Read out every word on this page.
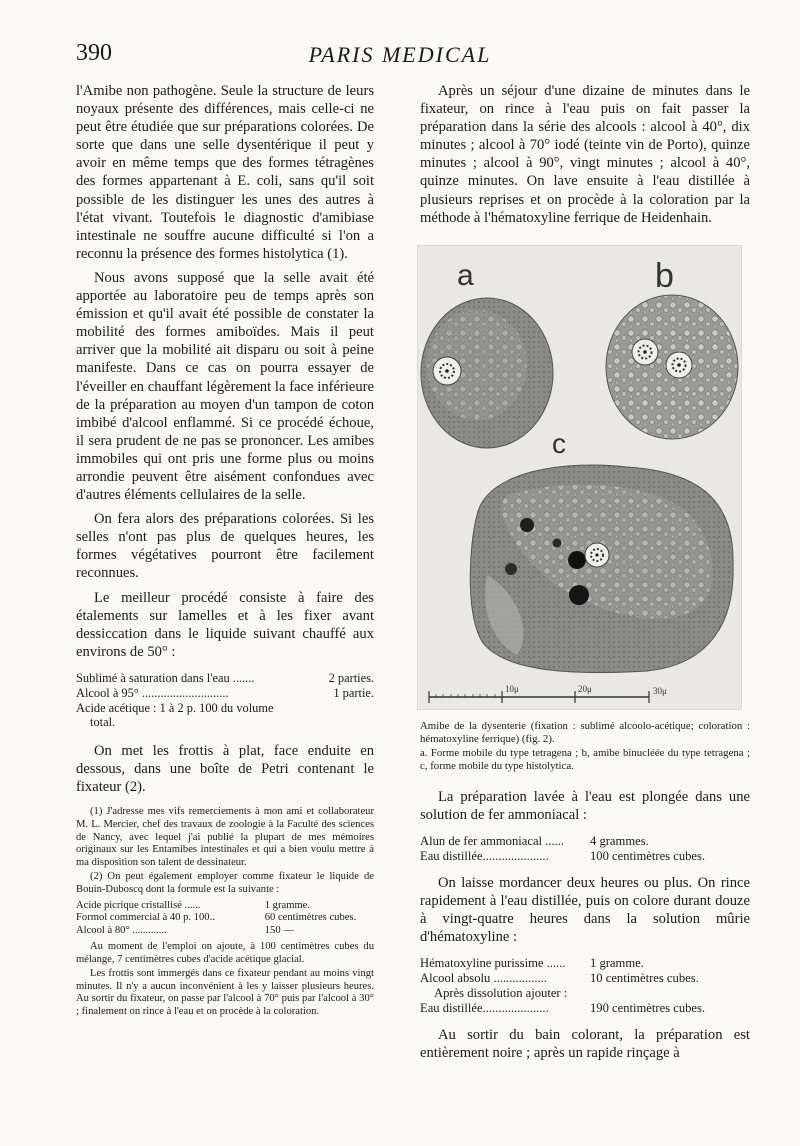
390	PARIS MEDICAL

l'Amibe non pathogène. Seule la structure de leurs noyaux présente des différences, mais celle-ci ne peut être étudiée que sur préparations colorées. De sorte que dans une selle dysentérique il peut y avoir en même temps que des formes tétragènes des formes appartenant à E. coli, sans qu'il soit possible de les distinguer les unes des autres à l'état vivant. Toutefois le diagnostic d'amibiase intestinale ne souffre aucune difficulté si l'on a reconnu la présence des formes histolytica (1).

Nous avons supposé que la selle avait été apportée au laboratoire peu de temps après son émission et qu'il avait été possible de constater la mobilité des formes amiboïdes. Mais il peut arriver que la mobilité ait disparu ou soit à peine manifeste. Dans ce cas on pourra essayer de l'éveiller en chauffant légèrement la face inférieure de la préparation au moyen d'un tampon de coton imbibé d'alcool enflammé. Si ce procédé échoue, il sera prudent de ne pas se prononcer. Les amibes immobiles qui ont pris une forme plus ou moins arrondie peuvent être aisément confondues avec d'autres éléments cellulaires de la selle.

On fera alors des préparations colorées. Si les selles n'ont pas plus de quelques heures, les formes végétatives pourront être facilement reconnues.

Le meilleur procédé consiste à faire des étalements sur lamelles et à les fixer avant dessiccation dans le liquide suivant chauffé aux environs de 50° :

Sublimé à saturation dans l'eau .......	2 parties.
Alcool à 95° ............................	1 partie.
Acide acétique : 1 à 2 p. 100 du volume
total.

On met les frottis à plat, face enduite en dessous, dans une boîte de Petri contenant le fixateur (2).

(1) J'adresse mes vifs remerciements à mon ami et collaborateur M. L. Mercier, chef des travaux de zoologie à la Faculté des sciences de Nancy, avec lequel j'ai publié la plupart de mes mémoires originaux sur les Entamibes intestinales et qui a bien voulu mettre à ma disposition son talent de dessinateur.

(2) On peut également employer comme fixateur le liquide de Bouin-Duboscq dont la formule est la suivante :

Acide picrique cristallisé ......	1 gramme.
Formol commercial à 40 p. 100..	60 centimètres cubes.
Alcool à 80° .............	150 —

Au moment de l'emploi on ajoute, à 100 centimètres cubes du mélange, 7 centimètres cubes d'acide acétique glacial.

Les frottis sont immergés dans ce fixateur pendant au moins vingt minutes. Il n'y a aucun inconvénient à les y laisser plusieurs heures. Au sortir du fixateur, on passe par l'alcool à 70° puis par l'alcool à 30° ; finalement on rince à l'eau et on procède à la coloration.

Après un séjour d'une dizaine de minutes dans le fixateur, on rince à l'eau puis on fait passer la préparation dans la série des alcools : alcool à 40°, dix minutes ; alcool à 70° iodé (teinte vin de Porto), quinze minutes ; alcool à 90°, vingt minutes ; alcool à 40°, quinze minutes. On lave ensuite à l'eau distillée à plusieurs reprises et on procède à la coloration par la méthode à l'hématoxyline ferrique de Heidenhain.

a	b
c
10μ	20μ	30μ

Amibe de la dysenterie (fixation : sublimé alcoolo-acétique; coloration : hématoxyline ferrique) (fig. 2).

a. Forme mobile du type tetragena ; b, amibe binucléée du type tetragena ; c, forme mobile du type histolytica.

La préparation lavée à l'eau est plongée dans une solution de fer ammoniacal :

Alun de fer ammoniacal ...... 4 grammes.
Eau distillée.....................	100 centimètres cubes.

On laisse mordancer deux heures ou plus. On rince rapidement à l'eau distillée, puis on colore durant douze à vingt-quatre heures dans la solution mûrie d'hématoxyline :

Hématoxyline purissime ...... 1 gramme.
Alcool absolu .................	10 centimètres cubes.
Après dissolution ajouter :
Eau distillée.....................	190 centimètres cubes.

Au sortir du bain colorant, la préparation est entièrement noire ; après un rapide rinçage à
